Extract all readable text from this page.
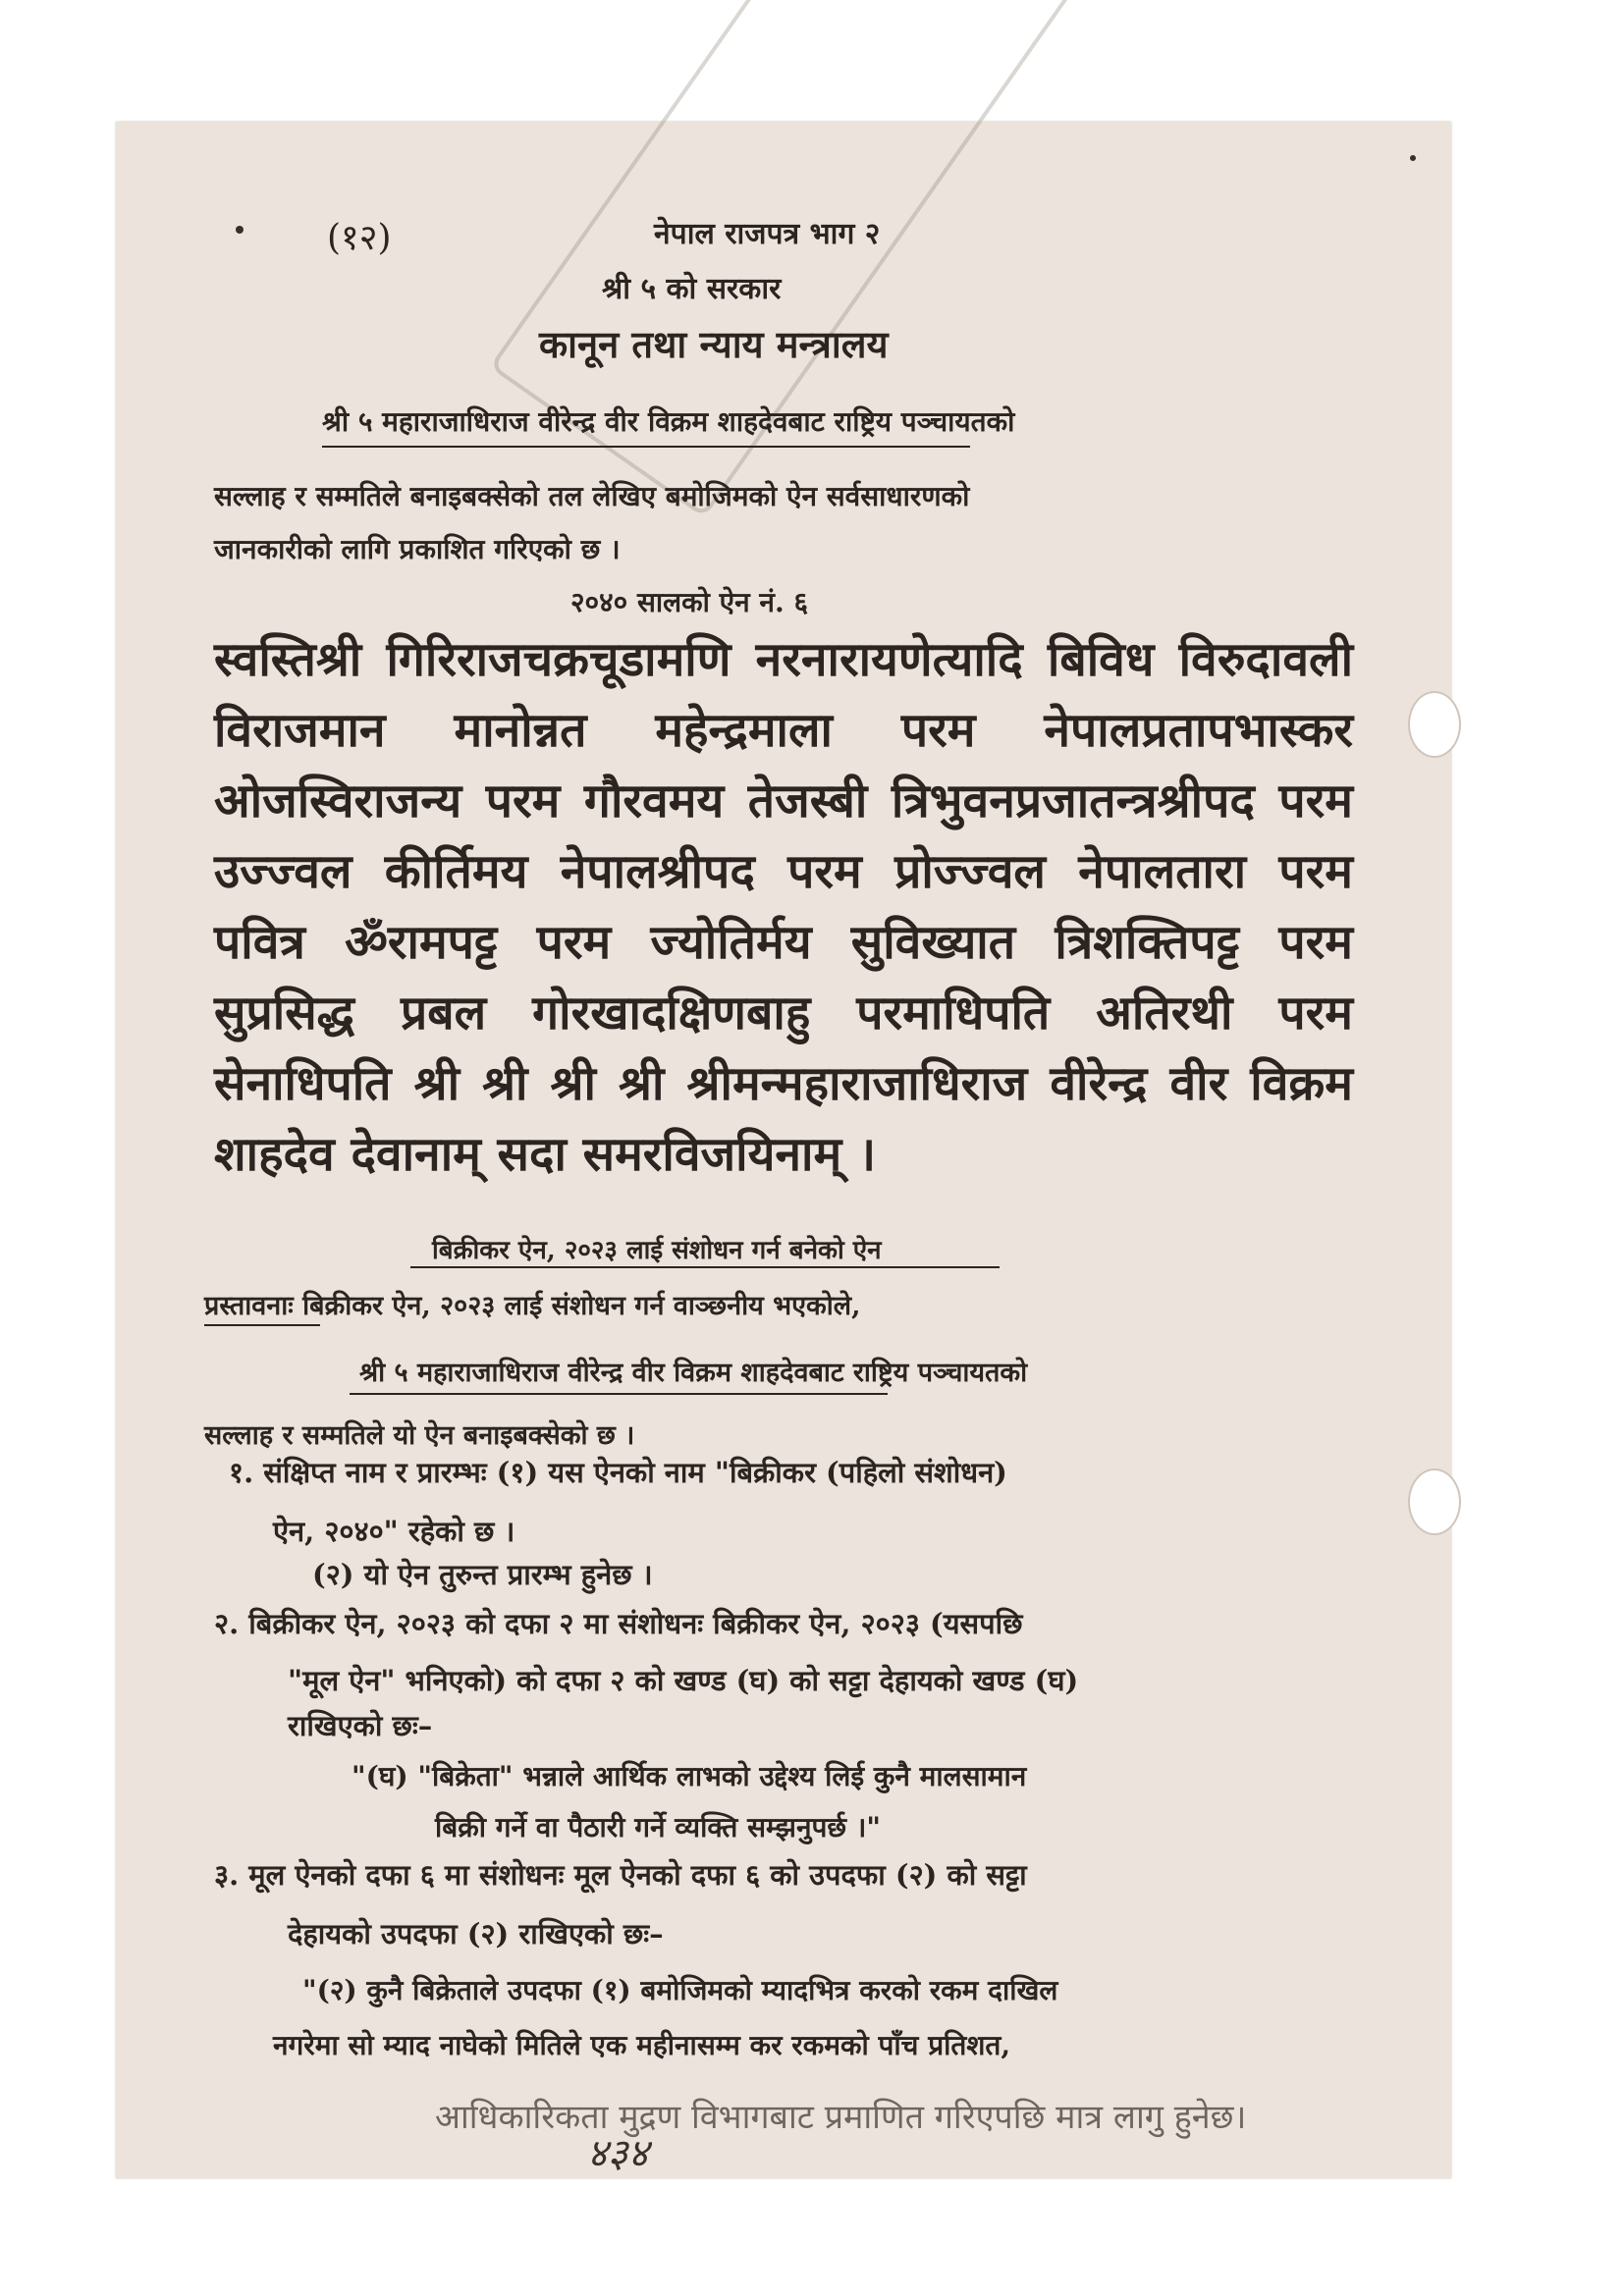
(१२)	नेपाल राजपत्र भाग २
श्री ५ को सरकार
कानून तथा न्याय मन्त्रालय
श्री ५ महाराजाधिराज वीरेन्द्र वीर विक्रम शाहदेवबाट राष्ट्रिय पञ्चायतको
सल्लाह र सम्मतिले बनाइबक्सेको तल लेखिए बमोजिमको ऐन सर्वसाधारणको
जानकारीको लागि प्रकाशित गरिएको छ ।
२०४० सालको ऐन नं. ६
स्वस्तिश्री गिरिराजचक्रचूडामणि नरनारायणेत्यादि बिविध विरुदावली विराजमान मानोन्नत महेन्द्रमाला परम नेपालप्रतापभास्कर ओजस्विराजन्य परम गौरवमय तेजस्बी त्रिभुवनप्रजातन्त्रश्रीपद परम उज्ज्वल कीर्तिमय नेपालश्रीपद परम प्रोज्ज्वल नेपालतारा परम पवित्र ॐरामपट्ट परम ज्योतिर्मय सुविख्यात त्रिशक्तिपट्ट परम सुप्रसिद्ध प्रबल गोरखादक्षिणबाहु परमाधिपति अतिरथी परम सेनाधिपति श्री श्री श्री श्री श्रीमन्महाराजाधिराज वीरेन्द्र वीर विक्रम शाहदेव देवानाम् सदा समरविजयिनाम् ।
बिक्रीकर ऐन, २०२३ लाई संशोधन गर्न बनेको ऐन
प्रस्तावनाः बिक्रीकर ऐन, २०२३ लाई संशोधन गर्न वाञ्छनीय भएकोले,
श्री ५ महाराजाधिराज वीरेन्द्र वीर विक्रम शाहदेवबाट राष्ट्रिय पञ्चायतको
सल्लाह र सम्मतिले यो ऐन बनाइबक्सेको छ ।
१. संक्षिप्त नाम र प्रारम्भः (१) यस ऐनको नाम "बिक्रीकर (पहिलो संशोधन)
ऐन, २०४०" रहेको छ ।
(२) यो ऐन तुरुन्त प्रारम्भ हुनेछ ।
२. बिक्रीकर ऐन, २०२३ को दफा २ मा संशोधनः बिक्रीकर ऐन, २०२३ (यसपछि
"मूल ऐन" भनिएको) को दफा २ को खण्ड (घ) को सट्टा देहायको खण्ड (घ)
राखिएको छः–
"(घ) "बिक्रेता" भन्नाले आर्थिक लाभको उद्देश्य लिई कुनै मालसामान
बिक्री गर्ने वा पैठारी गर्ने व्यक्ति सम्झनुपर्छ ।"
३. मूल ऐनको दफा ६ मा संशोधनः मूल ऐनको दफा ६ को उपदफा (२) को सट्टा
देहायको उपदफा (२) राखिएको छः–
"(२) कुनै बिक्रेताले उपदफा (१) बमोजिमको म्यादभित्र करको रकम दाखिल
नगरेमा सो म्याद नाघेको मितिले एक महीनासम्म कर रकमको पाँच प्रतिशत,
आधिकारिकता मुद्रण विभागबाट प्रमाणित गरिएपछि मात्र लागु हुनेछ।
४३४
